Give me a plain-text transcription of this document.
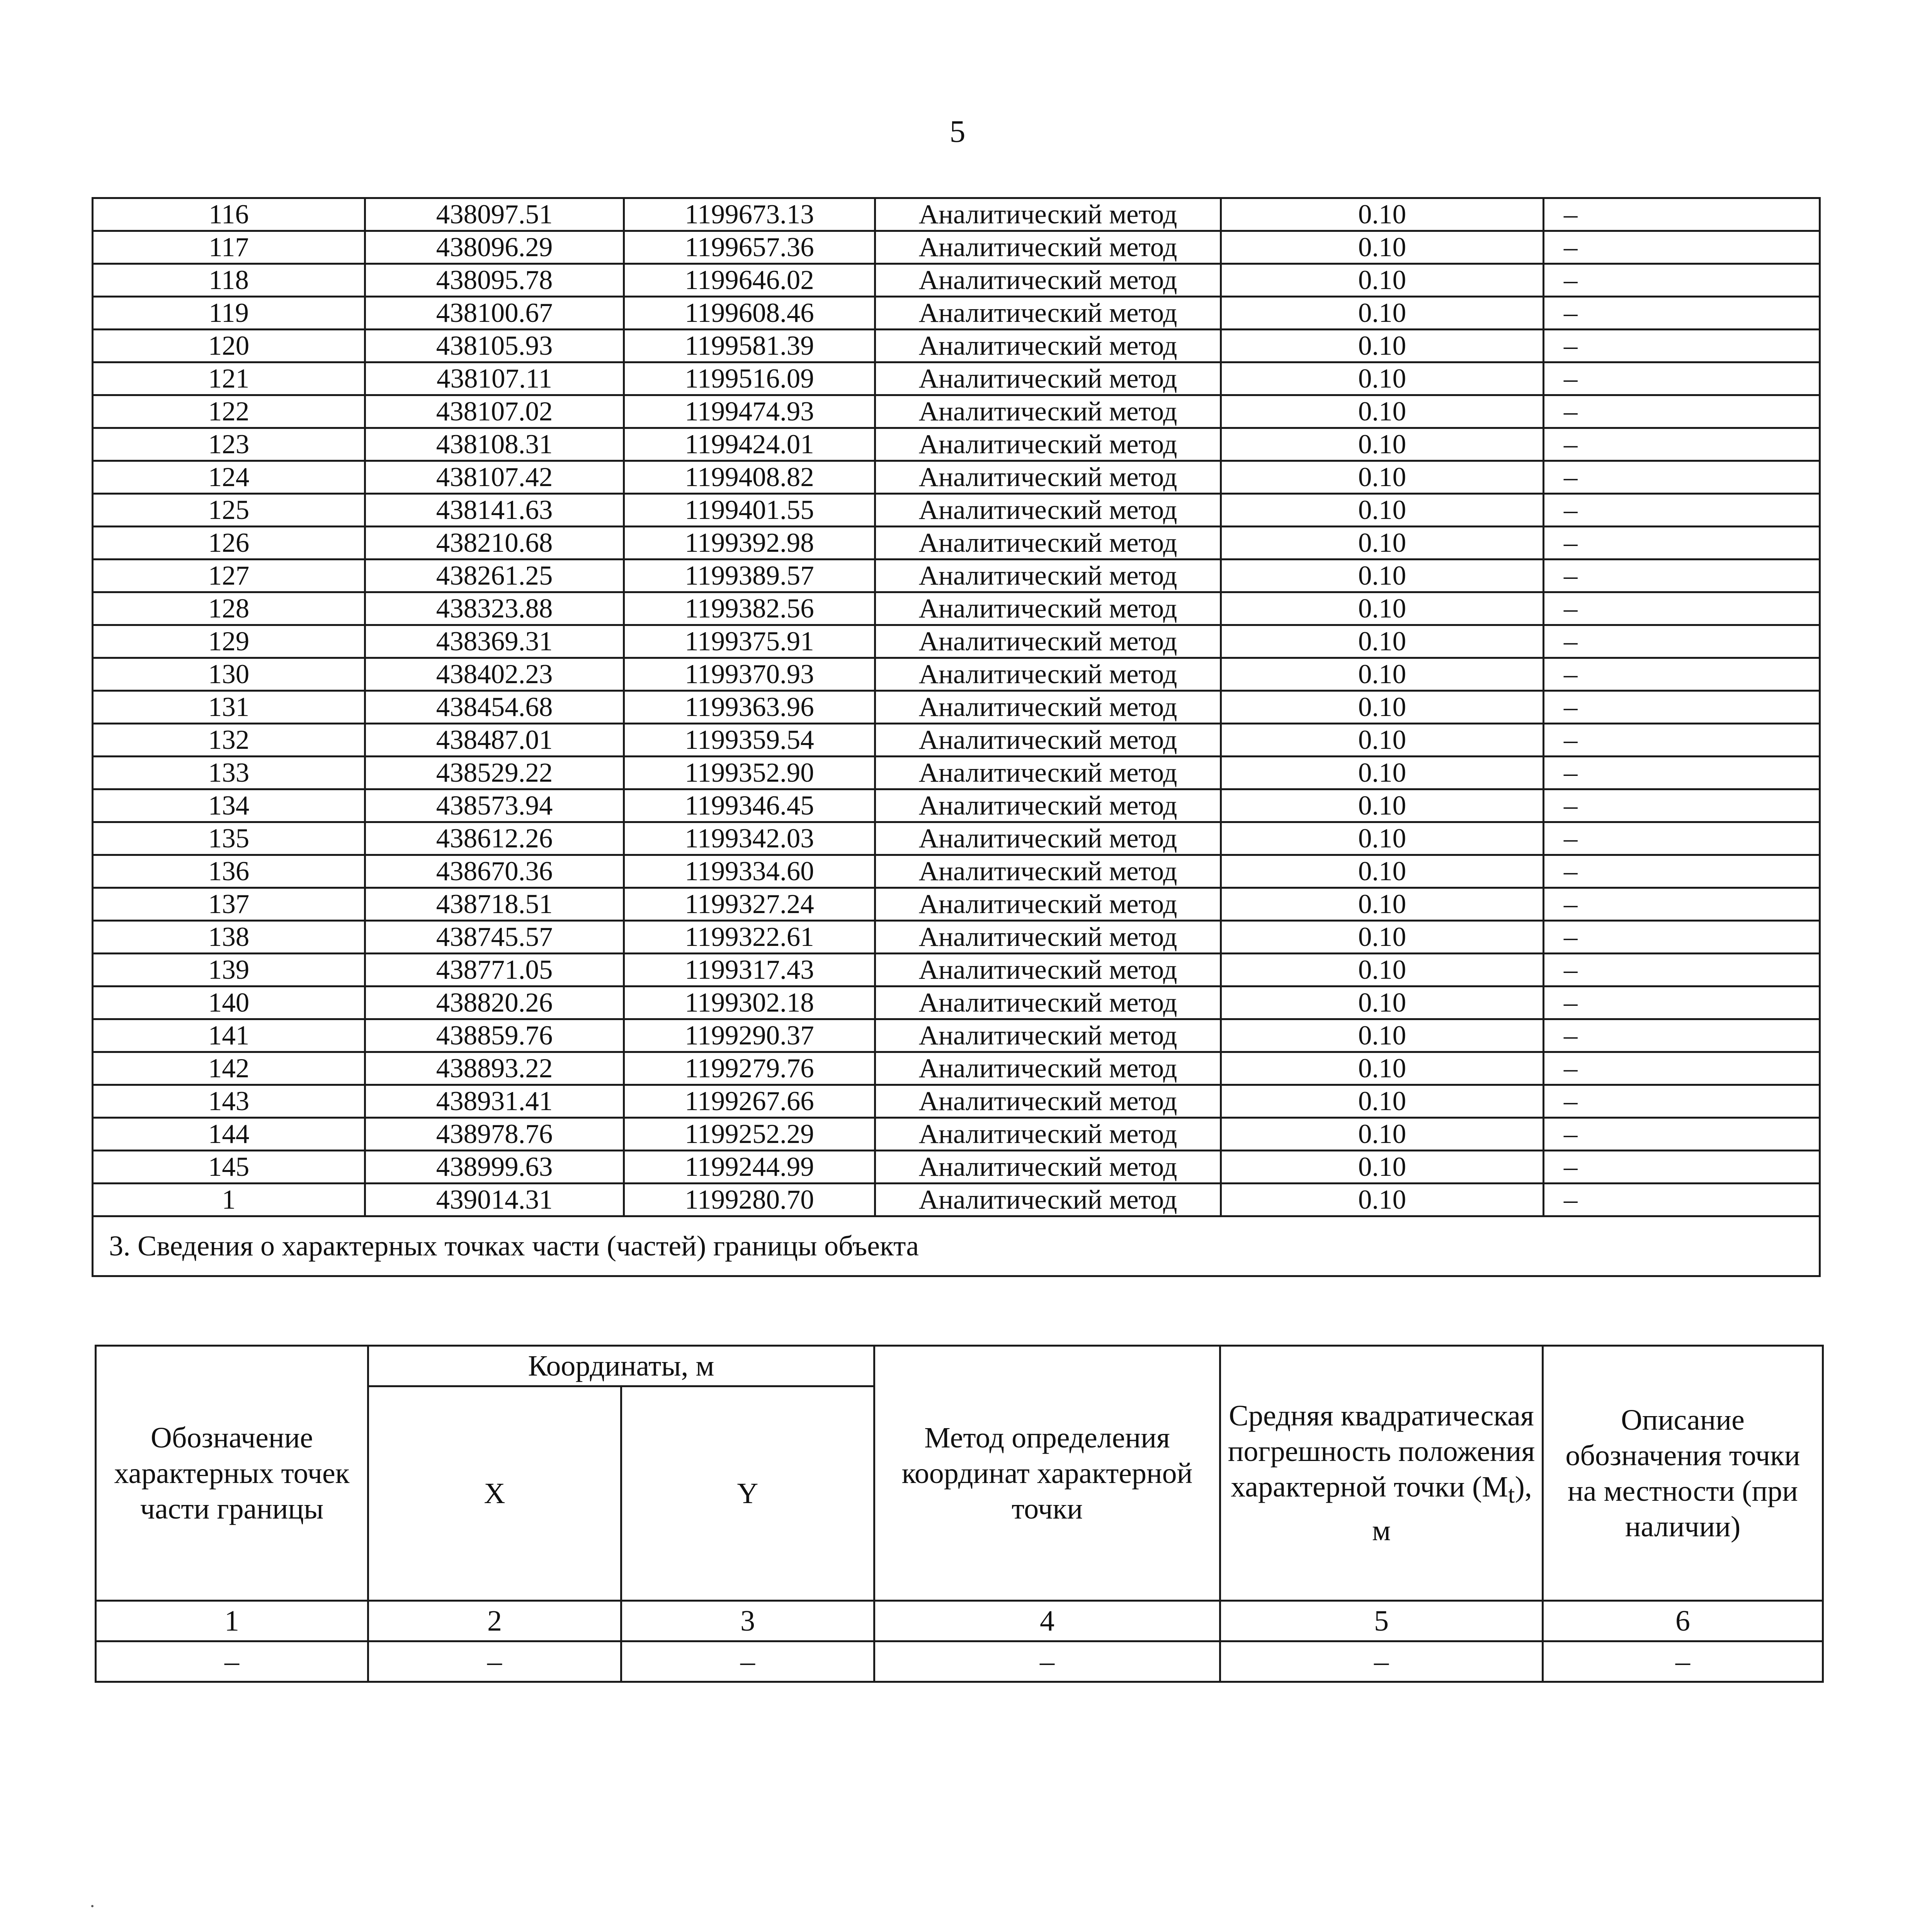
5
116	438097.51	1199673.13	Аналитический метод	0.10	–
117	438096.29	1199657.36	Аналитический метод	0.10	–
118	438095.78	1199646.02	Аналитический метод	0.10	–
119	438100.67	1199608.46	Аналитический метод	0.10	–
120	438105.93	1199581.39	Аналитический метод	0.10	–
121	438107.11	1199516.09	Аналитический метод	0.10	–
122	438107.02	1199474.93	Аналитический метод	0.10	–
123	438108.31	1199424.01	Аналитический метод	0.10	–
124	438107.42	1199408.82	Аналитический метод	0.10	–
125	438141.63	1199401.55	Аналитический метод	0.10	–
126	438210.68	1199392.98	Аналитический метод	0.10	–
127	438261.25	1199389.57	Аналитический метод	0.10	–
128	438323.88	1199382.56	Аналитический метод	0.10	–
129	438369.31	1199375.91	Аналитический метод	0.10	–
130	438402.23	1199370.93	Аналитический метод	0.10	–
131	438454.68	1199363.96	Аналитический метод	0.10	–
132	438487.01	1199359.54	Аналитический метод	0.10	–
133	438529.22	1199352.90	Аналитический метод	0.10	–
134	438573.94	1199346.45	Аналитический метод	0.10	–
135	438612.26	1199342.03	Аналитический метод	0.10	–
136	438670.36	1199334.60	Аналитический метод	0.10	–
137	438718.51	1199327.24	Аналитический метод	0.10	–
138	438745.57	1199322.61	Аналитический метод	0.10	–
139	438771.05	1199317.43	Аналитический метод	0.10	–
140	438820.26	1199302.18	Аналитический метод	0.10	–
141	438859.76	1199290.37	Аналитический метод	0.10	–
142	438893.22	1199279.76	Аналитический метод	0.10	–
143	438931.41	1199267.66	Аналитический метод	0.10	–
144	438978.76	1199252.29	Аналитический метод	0.10	–
145	438999.63	1199244.99	Аналитический метод	0.10	–
1	439014.31	1199280.70	Аналитический метод	0.10	–
3. Сведения о характерных точках части (частей) границы объекта					
Обозначение характерных точек части границы	Координаты, м		Метод определения координат характерной точки	Средняя квадратическая погрешность положения характерной точки $(M_t)$, м	Описание обозначения точки на местности (при наличии)
	X	Y			
1	2	3	4	5	6
–	–	–	–	–	–
